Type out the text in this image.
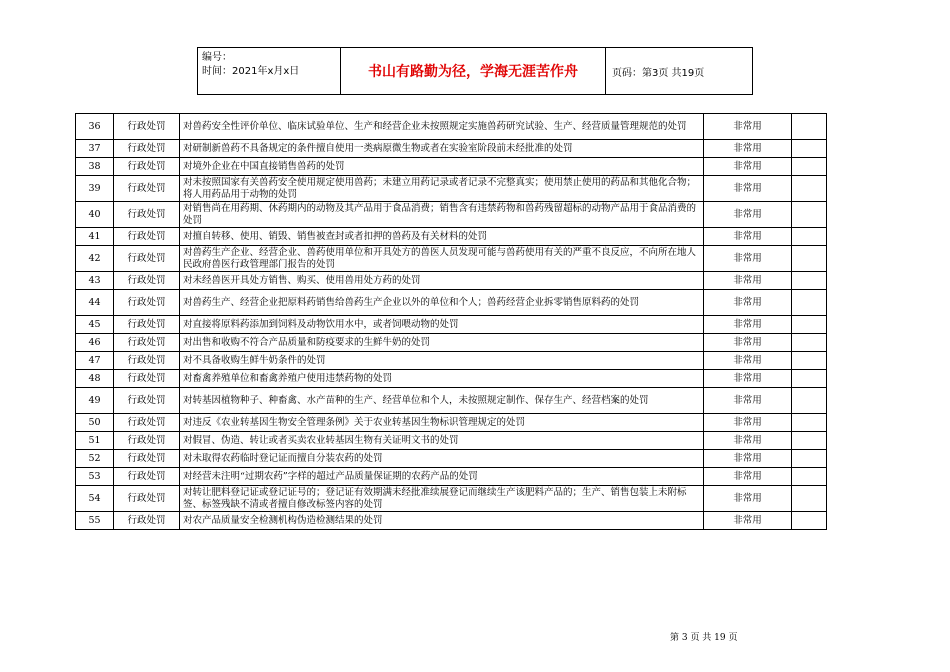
编号：
时间：2021年x月x日	书山有路勤为径，学海无涯苦作舟	页码：第3页 共19页
36	行政处罚	对兽药安全性评价单位、临床试验单位、生产和经营企业未按照规定实施兽药研究试验、生产、经营质量管理规范的处罚	非常用	
37	行政处罚	对研制新兽药不具备规定的条件擅自使用一类病原微生物或者在实验室阶段前未经批准的处罚	非常用	
38	行政处罚	对境外企业在中国直接销售兽药的处罚	非常用	
39	行政处罚	对未按照国家有关兽药安全使用规定使用兽药；未建立用药记录或者记录不完整真实；使用禁止使用的药品和其他化合物；将人用药品用于动物的处罚	非常用	
40	行政处罚	对销售尚在用药期、休药期内的动物及其产品用于食品消费；销售含有违禁药物和兽药残留超标的动物产品用于食品消费的处罚	非常用	
41	行政处罚	对擅自转移、使用、销毁、销售被查封或者扣押的兽药及有关材料的处罚	非常用	
42	行政处罚	对兽药生产企业、经营企业、兽药使用单位和开具处方的兽医人员发现可能与兽药使用有关的严重不良反应，不向所在地人民政府兽医行政管理部门报告的处罚	非常用	
43	行政处罚	对未经兽医开具处方销售、购买、使用兽用处方药的处罚	非常用	
44	行政处罚	对兽药生产、经营企业把原料药销售给兽药生产企业以外的单位和个人；兽药经营企业拆零销售原料药的处罚	非常用	
45	行政处罚	对直接将原料药添加到饲料及动物饮用水中，或者饲喂动物的处罚	非常用	
46	行政处罚	对出售和收购不符合产品质量和防疫要求的生鲜牛奶的处罚	非常用	
47	行政处罚	对不具备收购生鲜牛奶条件的处罚	非常用	
48	行政处罚	对畜禽养殖单位和畜禽养殖户使用违禁药物的处罚	非常用	
49	行政处罚	对转基因植物种子、种畜禽、水产苗种的生产、经营单位和个人，未按照规定制作、保存生产、经营档案的处罚	非常用	
50	行政处罚	对违反《农业转基因生物安全管理条例》关于农业转基因生物标识管理规定的处罚	非常用	
51	行政处罚	对假冒、伪造、转让或者买卖农业转基因生物有关证明文书的处罚	非常用	
52	行政处罚	对未取得农药临时登记证而擅自分装农药的处罚	非常用	
53	行政处罚	对经营未注明“过期农药”字样的超过产品质量保证期的农药产品的处罚	非常用	
54	行政处罚	对转让肥料登记证或登记证号的；登记证有效期满未经批准续展登记而继续生产该肥料产品的；生产、销售包装上未附标签、标签残缺不清或者擅自修改标签内容的处罚	非常用	
55	行政处罚	对农产品质量安全检测机构伪造检测结果的处罚	非常用	
第 3 页 共 19 页
